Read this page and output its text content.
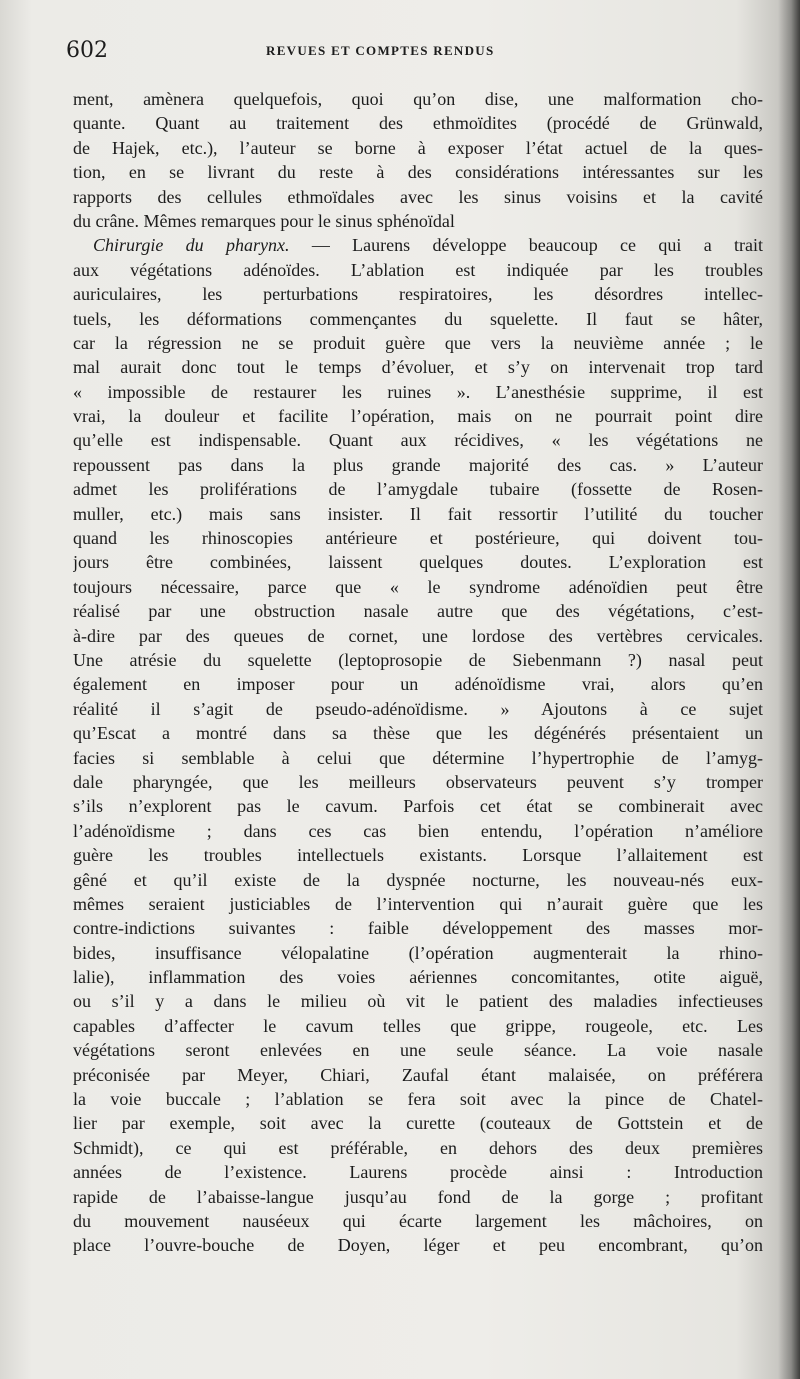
602	REVUES ET COMPTES RENDUS
ment, amènera quelquefois, quoi qu’on dise, une malformation cho-
quante. Quant au traitement des ethmoïdites (procédé de Grünwald,
de Hajek, etc.), l’auteur se borne à exposer l’état actuel de la ques-
tion, en se livrant du reste à des considérations intéressantes sur les
rapports des cellules ethmoïdales avec les sinus voisins et la cavité
du crâne. Mêmes remarques pour le sinus sphénoïdal
Chirurgie du pharynx. — Laurens développe beaucoup ce qui a trait
aux végétations adénoïdes. L’ablation est indiquée par les troubles
auriculaires, les perturbations respiratoires, les désordres intellec-
tuels, les déformations commençantes du squelette. Il faut se hâter,
car la régression ne se produit guère que vers la neuvième année ; le
mal aurait donc tout le temps d’évoluer, et s’y on intervenait trop tard
« impossible de restaurer les ruines ». L’anesthésie supprime, il est
vrai, la douleur et facilite l’opération, mais on ne pourrait point dire
qu’elle est indispensable. Quant aux récidives, « les végétations ne
repoussent pas dans la plus grande majorité des cas. » L’auteur
admet les proliférations de l’amygdale tubaire (fossette de Rosen-
muller, etc.) mais sans insister. Il fait ressortir l’utilité du toucher
quand les rhinoscopies antérieure et postérieure, qui doivent tou-
jours être combinées, laissent quelques doutes. L’exploration est
toujours nécessaire, parce que « le syndrome adénoïdien peut être
réalisé par une obstruction nasale autre que des végétations, c’est-
à-dire par des queues de cornet, une lordose des vertèbres cervicales.
Une atrésie du squelette (leptoprosopie de Siebenmann ?) nasal peut
également en imposer pour un adénoïdisme vrai, alors qu’en
réalité il s’agit de pseudo-adénoïdisme. » Ajoutons à ce sujet
qu’Escat a montré dans sa thèse que les dégénérés présentaient un
facies si semblable à celui que détermine l’hypertrophie de l’amyg-
dale pharyngée, que les meilleurs observateurs peuvent s’y tromper
s’ils n’explorent pas le cavum. Parfois cet état se combinerait avec
l’adénoïdisme ; dans ces cas bien entendu, l’opération n’améliore
guère les troubles intellectuels existants. Lorsque l’allaitement est
gêné et qu’il existe de la dyspnée nocturne, les nouveau-nés eux-
mêmes seraient justiciables de l’intervention qui n’aurait guère que les
contre-indictions suivantes : faible développement des masses mor-
bides, insuffisance vélopalatine (l’opération augmenterait la rhino-
lalie), inflammation des voies aériennes concomitantes, otite aiguë,
ou s’il y a dans le milieu où vit le patient des maladies infectieuses
capables d’affecter le cavum telles que grippe, rougeole, etc. Les
végétations seront enlevées en une seule séance. La voie nasale
préconisée par Meyer, Chiari, Zaufal étant malaisée, on préférera
la voie buccale ; l’ablation se fera soit avec la pince de Chatel-
lier par exemple, soit avec la curette (couteaux de Gottstein et de
Schmidt), ce qui est préférable, en dehors des deux premières
années de l’existence. Laurens procède ainsi : Introduction
rapide de l’abaisse-langue jusqu’au fond de la gorge ; profitant
du mouvement nauséeux qui écarte largement les mâchoires, on
place l’ouvre-bouche de Doyen, léger et peu encombrant, qu’on
